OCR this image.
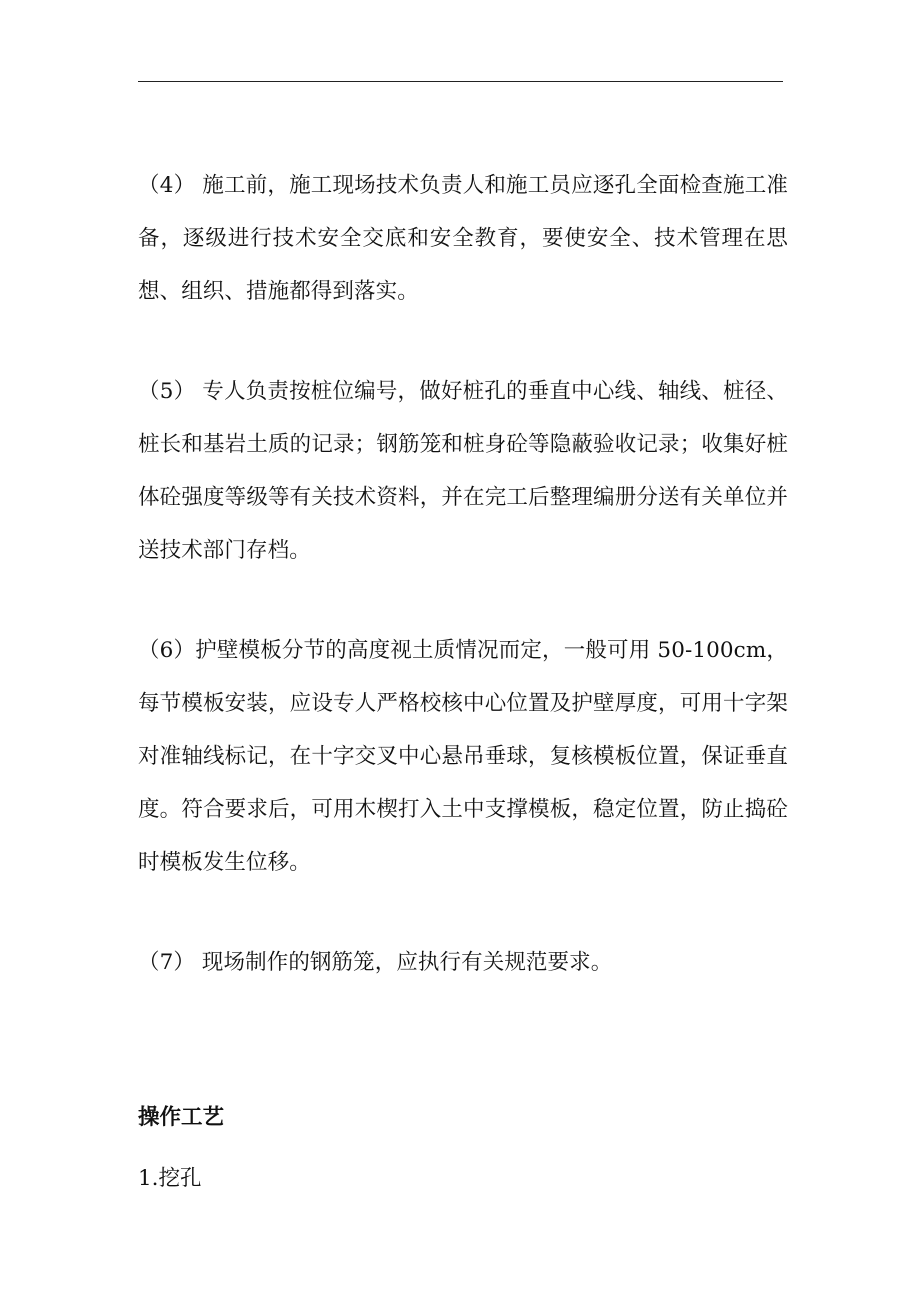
（4） 施工前，施工现场技术负责人和施工员应逐孔全面检查施工准备，逐级进行技术安全交底和安全教育，要使安全、技术管理在思想、组织、措施都得到落实。

（5） 专人负责按桩位编号，做好桩孔的垂直中心线、轴线、桩径、桩长和基岩土质的记录；钢筋笼和桩身砼等隐蔽验收记录；收集好桩体砼强度等级等有关技术资料，并在完工后整理编册分送有关单位并送技术部门存档。

（6）护壁模板分节的高度视土质情况而定，一般可用 50-100cm，每节模板安装，应设专人严格校核中心位置及护壁厚度，可用十字架对准轴线标记，在十字交叉中心悬吊垂球，复核模板位置，保证垂直度。符合要求后，可用木楔打入土中支撑模板，稳定位置，防止捣砼时模板发生位移。

（7） 现场制作的钢筋笼，应执行有关规范要求。

操作工艺

1.挖孔
